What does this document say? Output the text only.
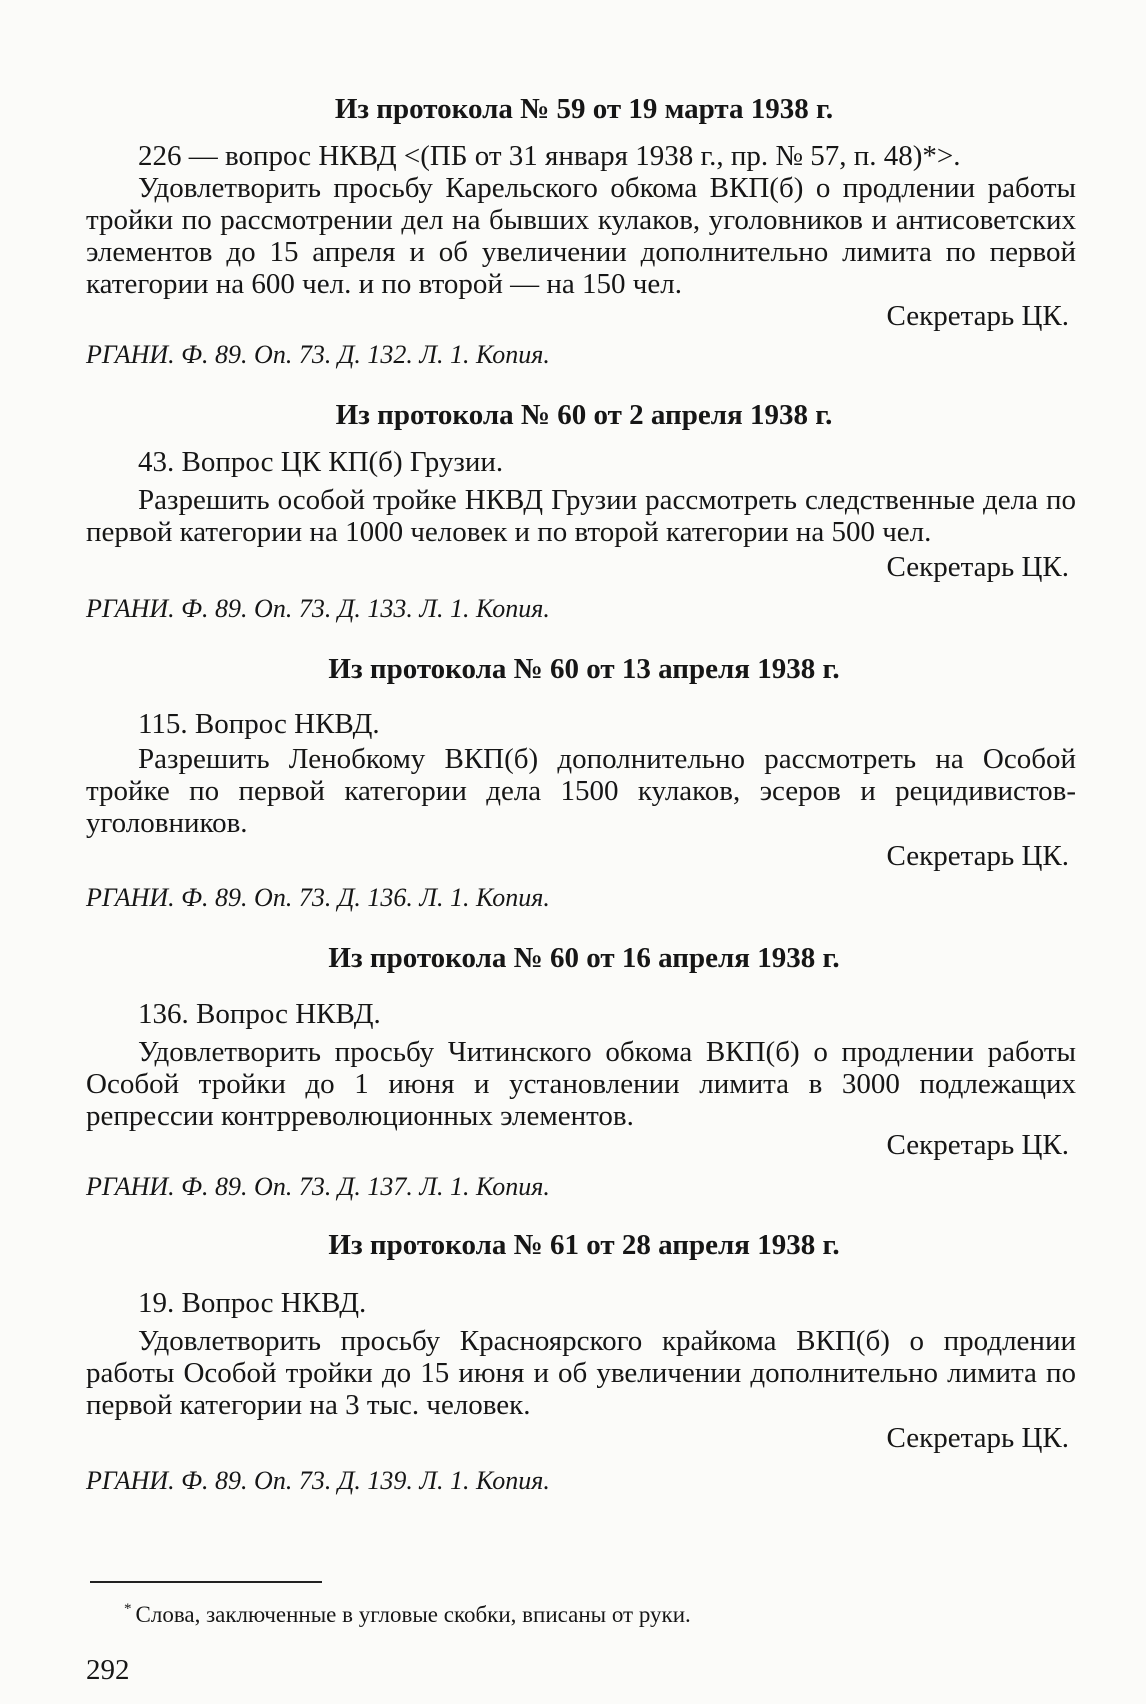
Из протокола № 59 от 19 марта 1938 г.
226 — вопрос НКВД <(ПБ от 31 января 1938 г., пр. № 57, п. 48)*>.
Удовлетворить просьбу Карельского обкома ВКП(б) о продлении работы тройки по рассмотрении дел на бывших кулаков, уголовников и антисоветских элементов до 15 апреля и об увеличении дополнительно лимита по первой категории на 600 чел. и по второй — на 150 чел.
Секретарь ЦК.
РГАНИ. Ф. 89. Оп. 73. Д. 132. Л. 1. Копия.
Из протокола № 60 от 2 апреля 1938 г.
43. Вопрос ЦК КП(б) Грузии.
Разрешить особой тройке НКВД Грузии рассмотреть следственные дела по первой категории на 1000 человек и по второй категории на 500 чел.
Секретарь ЦК.
РГАНИ. Ф. 89. Оп. 73. Д. 133. Л. 1. Копия.
Из протокола № 60 от 13 апреля 1938 г.
115. Вопрос НКВД.
Разрешить Ленобкому ВКП(б) дополнительно рассмотреть на Особой тройке по первой категории дела 1500 кулаков, эсеров и рецидивистов-уголовников.
Секретарь ЦК.
РГАНИ. Ф. 89. Оп. 73. Д. 136. Л. 1. Копия.
Из протокола № 60 от 16 апреля 1938 г.
136. Вопрос НКВД.
Удовлетворить просьбу Читинского обкома ВКП(б) о продлении работы Особой тройки до 1 июня и установлении лимита в 3000 подлежащих репрессии контрреволюционных элементов.
Секретарь ЦК.
РГАНИ. Ф. 89. Оп. 73. Д. 137. Л. 1. Копия.
Из протокола № 61 от 28 апреля 1938 г.
19. Вопрос НКВД.
Удовлетворить просьбу Красноярского крайкома ВКП(б) о продлении работы Особой тройки до 15 июня и об увеличении дополнительно лимита по первой категории на 3 тыс. человек.
Секретарь ЦК.
РГАНИ. Ф. 89. Оп. 73. Д. 139. Л. 1. Копия.
* Слова, заключенные в угловые скобки, вписаны от руки.
292
